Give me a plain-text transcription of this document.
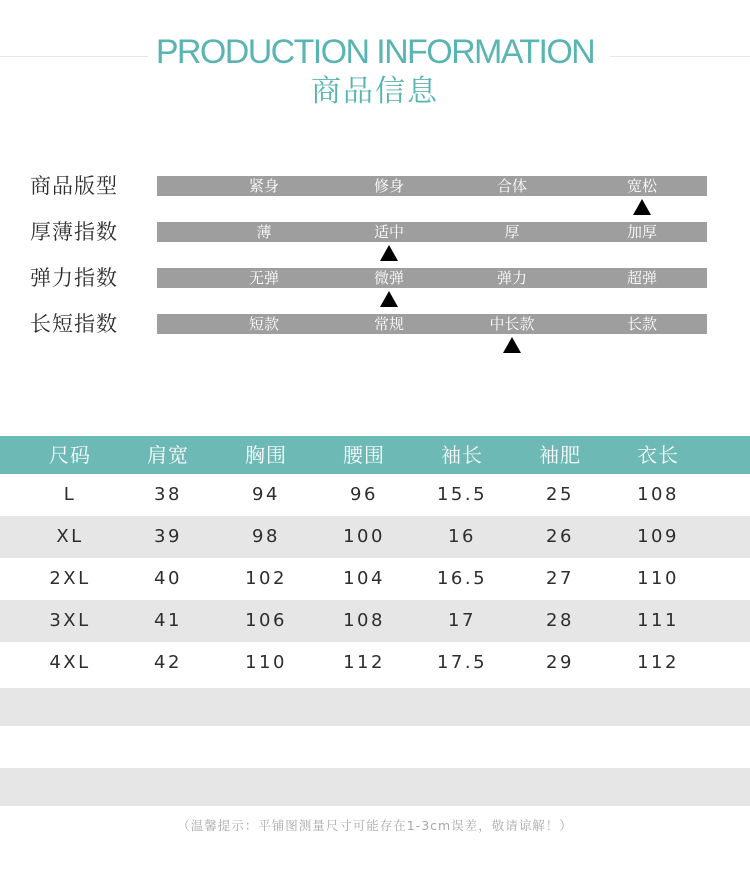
PRODUCTION INFORMATION
商品信息
商品版型	紧身	修身	合体	宽松
厚薄指数	薄	适中	厚	加厚
弹力指数	无弹	微弹	弹力	超弹
长短指数	短款	常规	中长款	长款
尺码	肩宽	胸围	腰围	袖长	袖肥	衣长
L	38	94	96	15.5	25	108
XL	39	98	100	16	26	109
2XL	40	102	104	16.5	27	110
3XL	41	106	108	17	28	111
4XL	42	110	112	17.5	29	112
（温馨提示：平铺图测量尺寸可能存在1-3cm误差，敬请谅解！）
